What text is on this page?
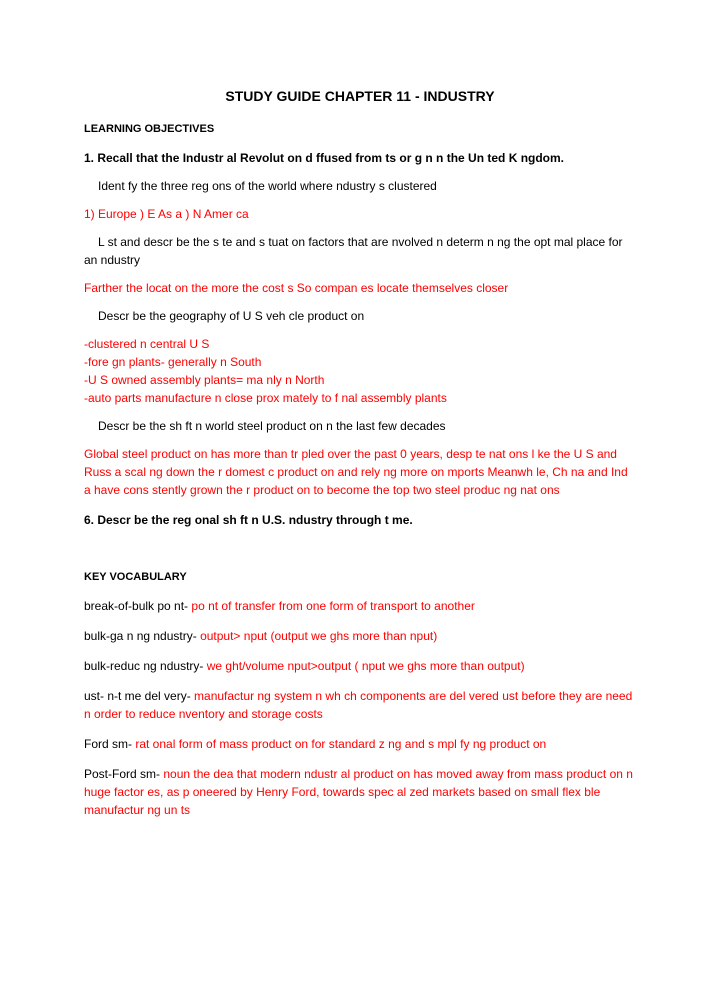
STUDY GUIDE CHAPTER 11 - INDUSTRY
LEARNING OBJECTIVES
1. Recall that the Industr al Revolut on d ffused from ts or g n n the Un ted K ngdom.
Ident fy the three reg ons of the world where ndustry s clustered
1) Europe ) E As a ) N Amer ca
L st and descr be the s te and s tuat on factors that are nvolved n determ n ng the opt mal place for an ndustry
Farther the locat on the more the cost s So compan es locate themselves closer
Descr be the geography of U S veh cle product on
-clustered n central U S
-fore gn plants- generally n South
-U S owned assembly plants= ma nly n North
-auto parts manufacture n close prox mately to f nal assembly plants
Descr be the sh ft n world steel product on n the last few decades
Global steel product on has more than tr pled over the past 0 years, desp te nat ons l ke the U S and Russ a scal ng down the r domest c product on and rely ng more on mports Meanwh le, Ch na and Ind a have cons stently grown the r product on to become the top two steel produc ng nat ons
6. Descr be the reg onal sh ft n U.S. ndustry through t me.
KEY VOCABULARY
break-of-bulk po nt- po nt of transfer from one form of transport to another
bulk-ga n ng ndustry- output> nput (output we ghs more than nput)
bulk-reduc ng ndustry- we ght/volume nput>output ( nput we ghs more than output)
ust- n-t me del very- manufactur ng system n wh ch components are del vered ust before they are need n order to reduce nventory and storage costs
Ford sm- rat onal form of mass product on for standard z ng and s mpl fy ng product on
Post-Ford sm- noun the dea that modern ndustr al product on has moved away from mass product on n huge factor es, as p oneered by Henry Ford, towards spec al zed markets based on small flex ble manufactur ng un ts
